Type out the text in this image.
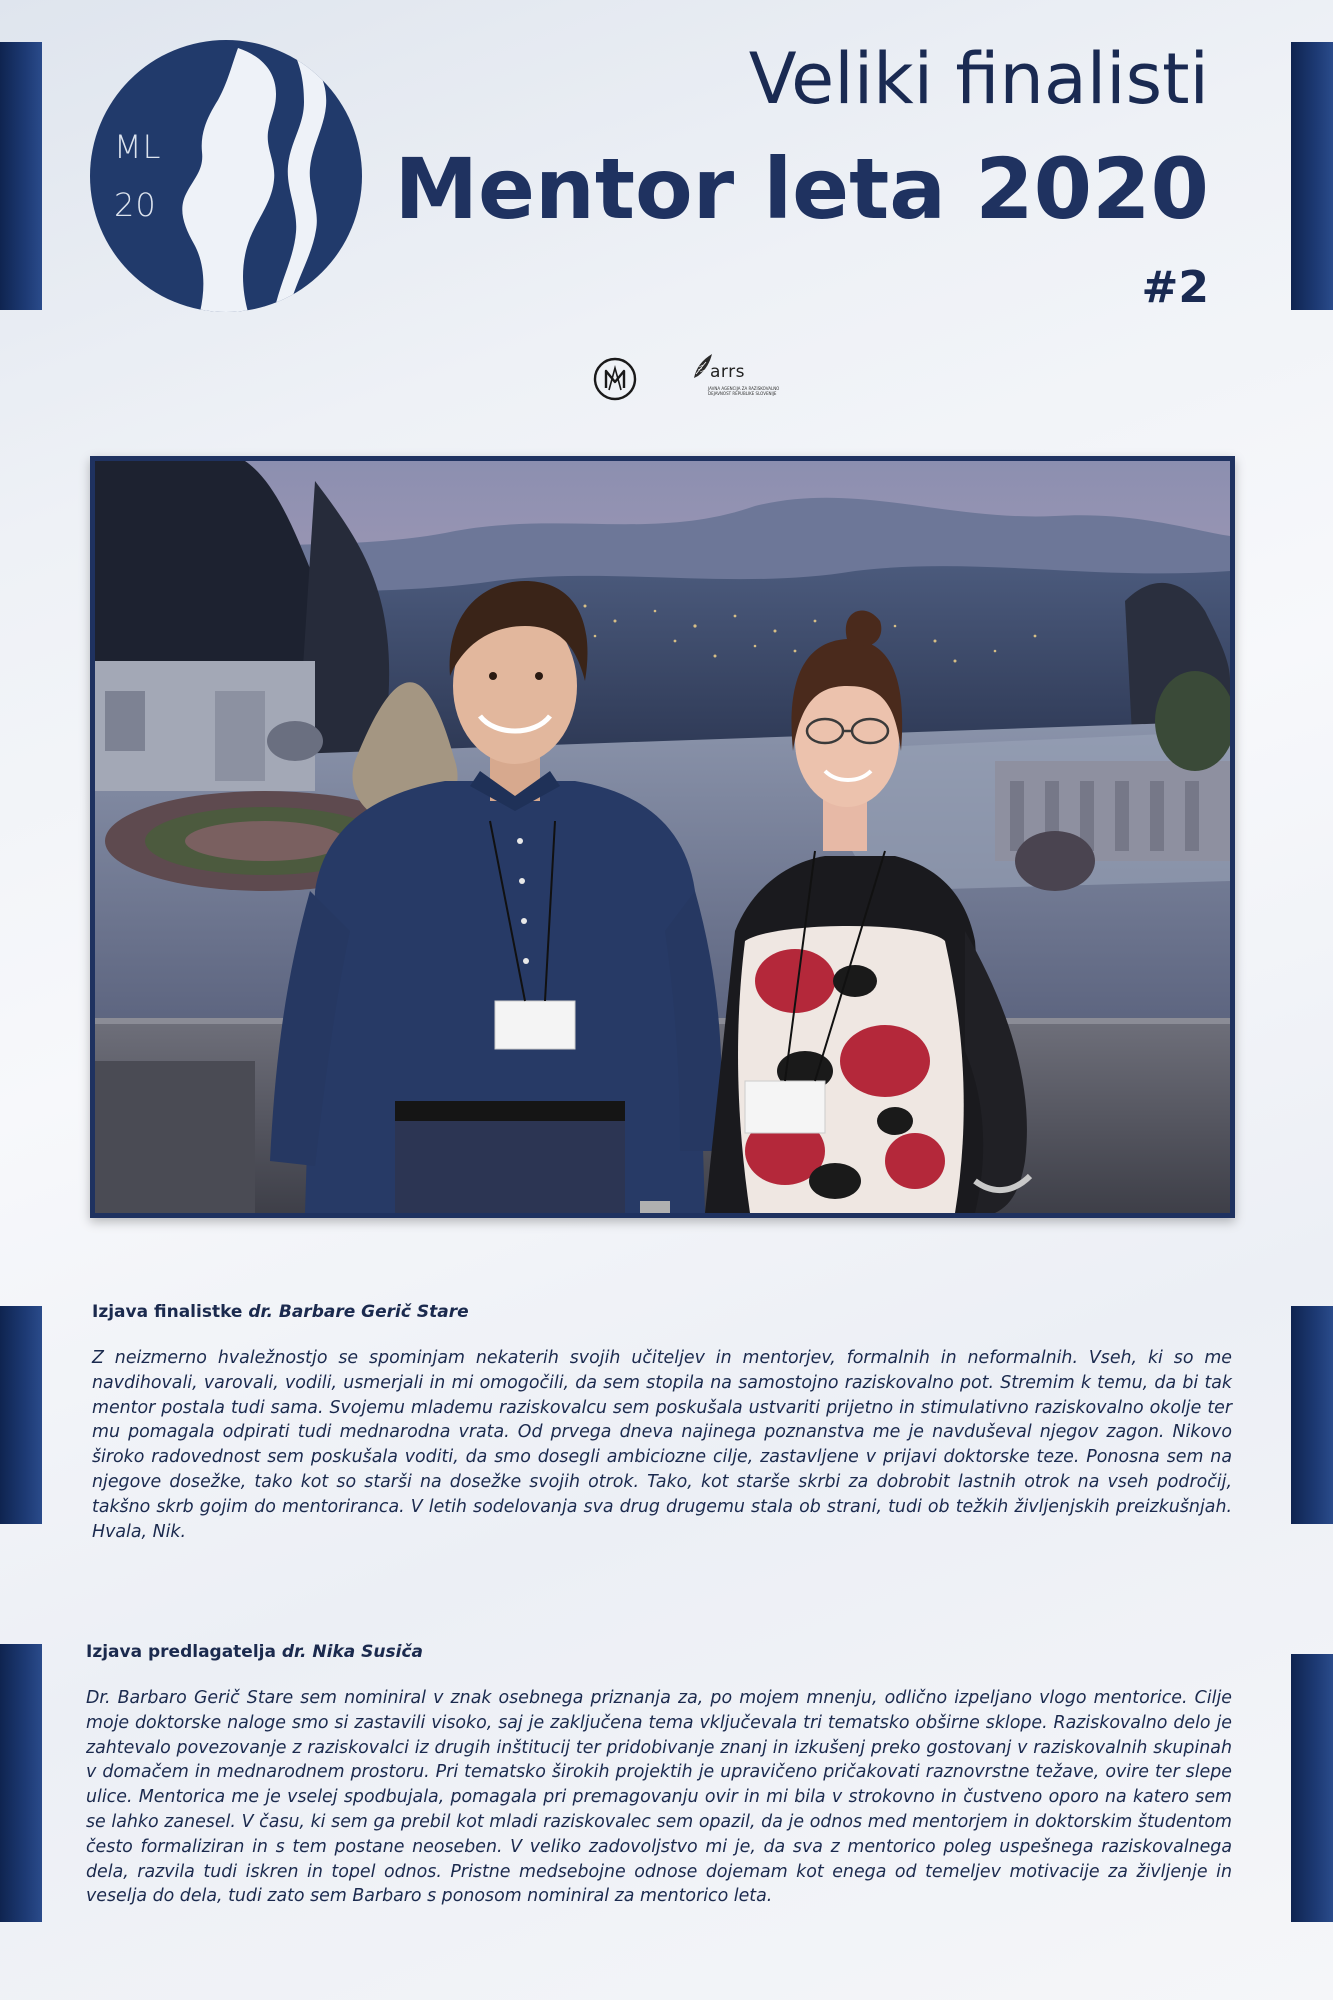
ML
20
Veliki finalisti
Mentor leta 2020
#2
arrs
JAVNA AGENCIJA ZA RAZISKOVALNO DEJAVNOST REPUBLIKE SLOVENIJE
Izjava finalistke dr. Barbare Gerič Stare
Z neizmerno hvaležnostjo se spominjam nekaterih svojih učiteljev in mentorjev, formalnih in neformalnih. Vseh, ki so me navdihovali, varovali, vodili, usmerjali in mi omogočili, da sem stopila na samostojno raziskovalno pot. Stremim k temu, da bi tak mentor postala tudi sama. Svojemu mlademu raziskovalcu sem poskušala ustvariti prijetno in stimulativno raziskovalno okolje ter mu pomagala odpirati tudi mednarodna vrata. Od prvega dneva najinega poznanstva me je navduševal njegov zagon. Nikovo široko radovednost sem poskušala voditi, da smo dosegli ambiciozne cilje, zastavljene v prijavi doktorske teze. Ponosna sem na njegove dosežke, tako kot so starši na dosežke svojih otrok. Tako, kot starše skrbi za dobrobit lastnih otrok na vseh področij, takšno skrb gojim do mentoriranca. V letih sodelovanja sva drug drugemu stala ob strani, tudi ob težkih življenjskih preizkušnjah. Hvala, Nik.
Izjava predlagatelja dr. Nika Susiča
Dr. Barbaro Gerič Stare sem nominiral v znak osebnega priznanja za, po mojem mnenju, odlično izpeljano vlogo mentorice. Cilje moje doktorske naloge smo si zastavili visoko, saj je zaključena tema vključevala tri tematsko obširne sklope. Raziskovalno delo je zahtevalo povezovanje z raziskovalci iz drugih inštitucij ter pridobivanje znanj in izkušenj preko gostovanj v raziskovalnih skupinah v domačem in mednarodnem prostoru. Pri tematsko širokih projektih je upravičeno pričakovati raznovrstne težave, ovire ter slepe ulice. Mentorica me je vselej spodbujala, pomagala pri premagovanju ovir in mi bila v strokovno in čustveno oporo na katero sem se lahko zanesel. V času, ki sem ga prebil kot mladi raziskovalec sem opazil, da je odnos med mentorjem in doktorskim študentom često formaliziran in s tem postane neoseben. V veliko zadovoljstvo mi je, da sva z mentorico poleg uspešnega raziskovalnega dela, razvila tudi iskren in topel odnos. Pristne medsebojne odnose dojemam kot enega od temeljev motivacije za življenje in veselja do dela, tudi zato sem Barbaro s ponosom nominiral za mentorico leta.
